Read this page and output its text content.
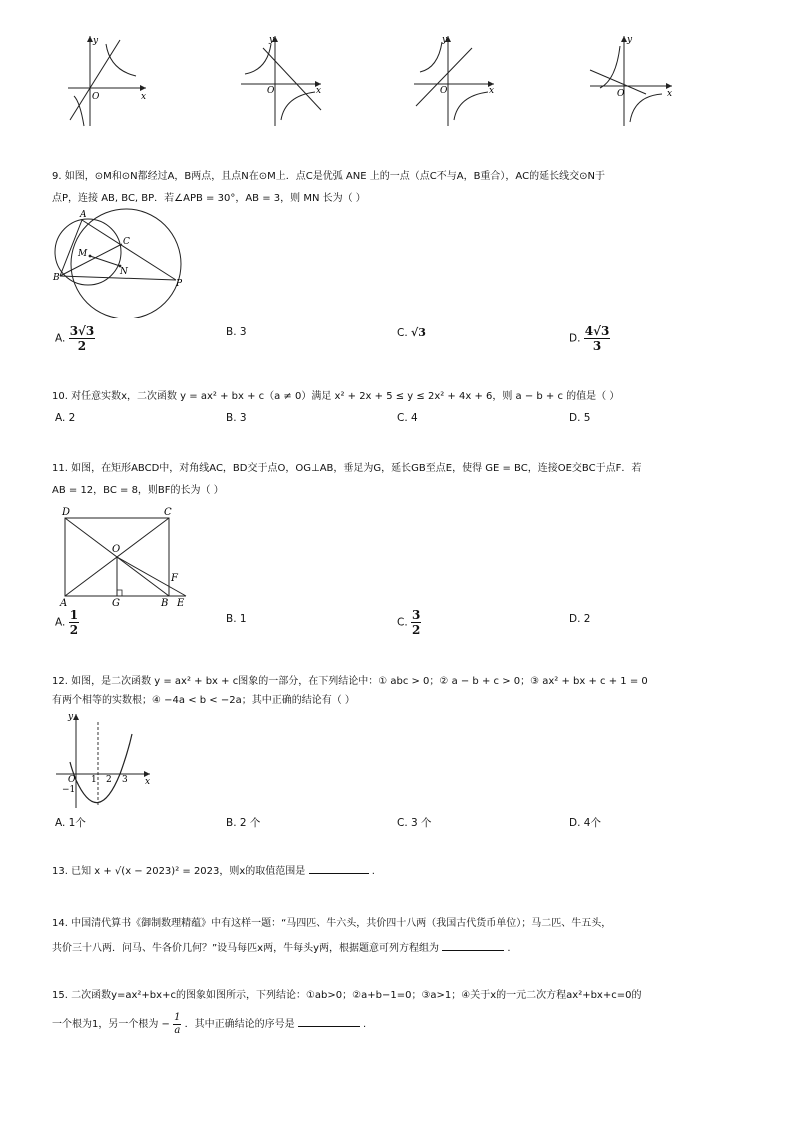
y
x
O
y
x
O
y
x
O
y
x
O
9. 如图，⊙M和⊙N都经过A，B两点，且点N在⊙M上．点C是优弧 ANE 上的一点（点C不与A，B重合），AC的延长线交⊙N于
点P，连接 AB, BC, BP．若∠APB = 30°，AB = 3，则 MN 长为（ ）
A
B
C
M
N
P
A. $\frac{3√3}{2}$	B. 3	C. √3	D. $\frac{4√3}{3}$
10. 对任意实数x，二次函数 y = ax² + bx + c（a ≠ 0）满足 x² + 2x + 5 ≤ y ≤ 2x² + 4x + 6，则 a − b + c 的值是（ ）
A. 2	B. 3	C. 4	D. 5
11. 如图，在矩形ABCD中，对角线AC，BD交于点O，OG⊥AB，垂足为G，延长GB至点E，使得 GE = BC，连接OE交BC于点F．若
AB = 12，BC = 8，则BF的长为（ ）
D	C
O
F
A	G	B E
A. $\frac{1}{2}$	B. 1	C. $\frac{3}{2}$	D. 2
12. 如图，是二次函数 y = ax² + bx + c图象的一部分，在下列结论中：① abc > 0；② a − b + c > 0；③ ax² + bx + c + 1 = 0
有两个相等的实数根；④ −4a < b < −2a；其中正确的结论有（ ）
y
x
O
−1
1 2 3
A. 1个	B. 2 个	C. 3 个	D. 4个
13. 已知 x + √(x − 2023)² = 2023，则x的取值范围是	.
14. 中国清代算书《御制数理精蕴》中有这样一题：“马四匹、牛六头，共价四十八两（我国古代货币单位）；马二匹、牛五头，
共价三十八两．问马、牛各价几何？”设马每匹x两，牛每头y两，根据题意可列方程组为	.
15. 二次函数y=ax²+bx+c的图象如图所示，下列结论：①ab>0；②a+b−1=0；③a>1；④关于x的一元二次方程ax²+bx+c=0的
一个根为1，另一个根为 − $\frac{1}{a}$ ．其中正确结论的序号是	.
